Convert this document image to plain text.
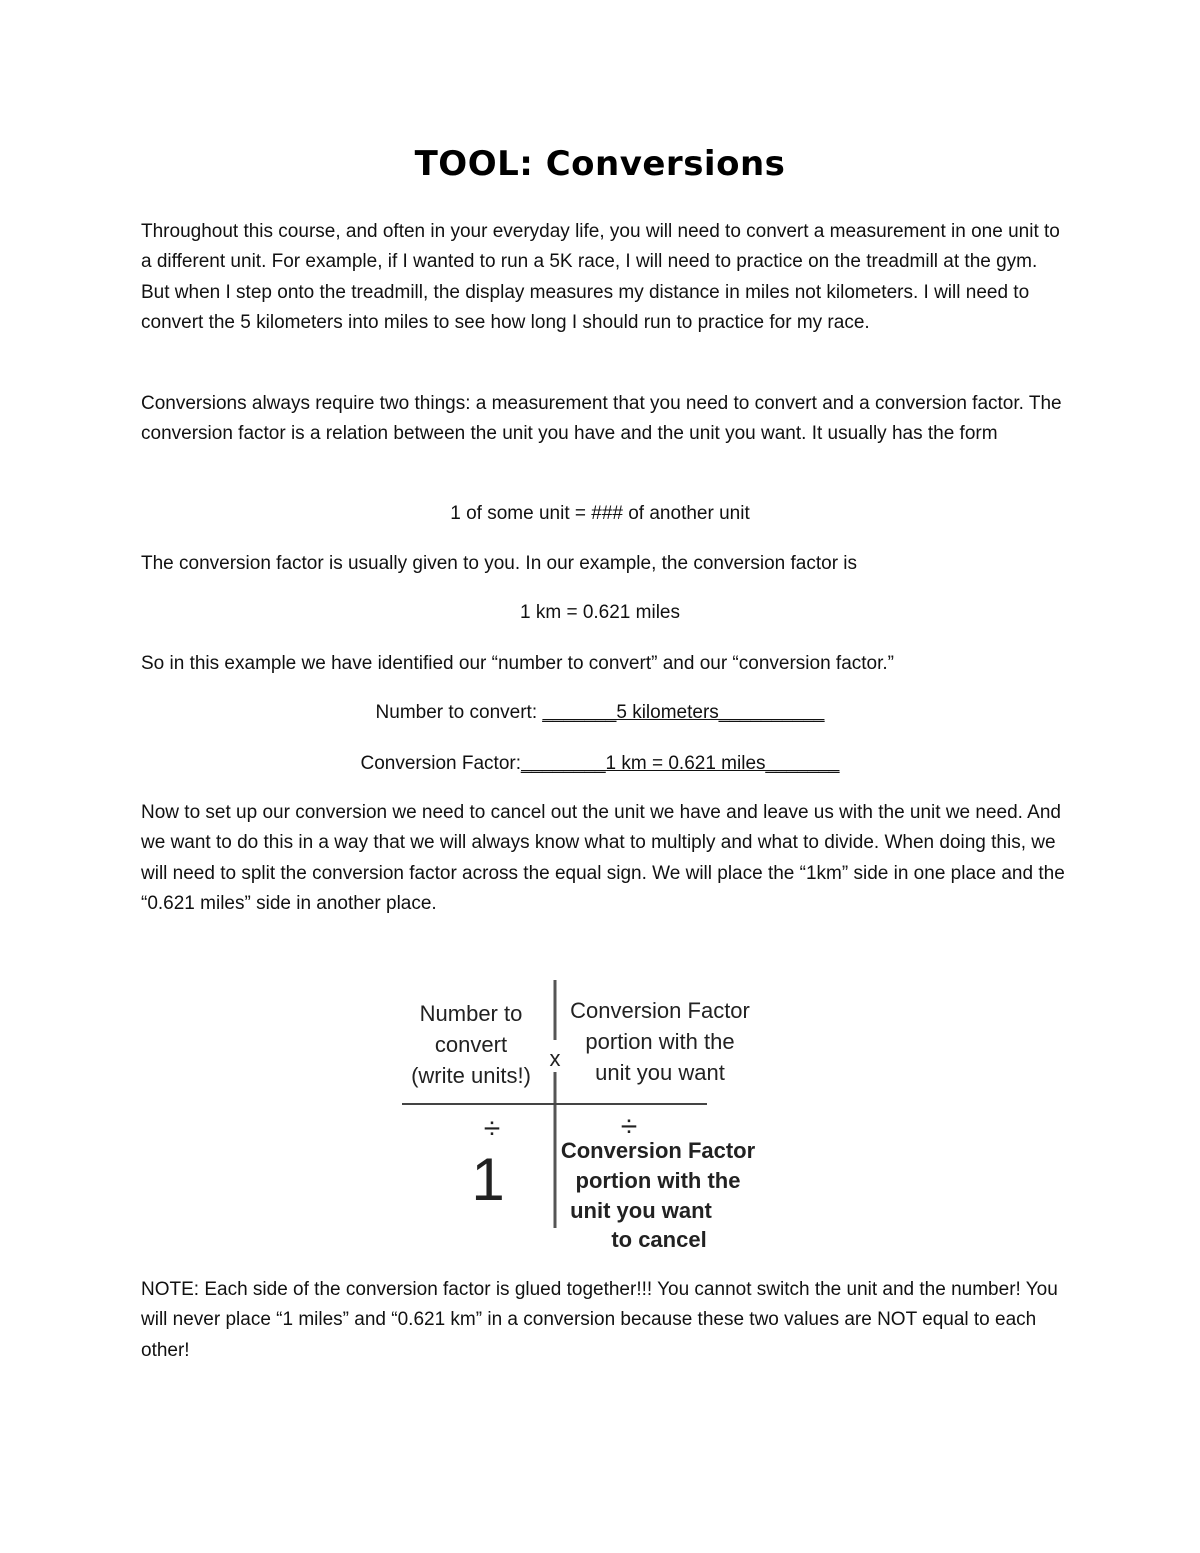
TOOL: Conversions

Throughout this course, and often in your everyday life, you will need to convert a measurement in one unit to a different unit. For example, if I wanted to run a 5K race, I will need to practice on the treadmill at the gym. But when I step onto the treadmill, the display measures my distance in miles not kilometers. I will need to convert the 5 kilometers into miles to see how long I should run to practice for my race.

Conversions always require two things: a measurement that you need to convert and a conversion factor. The conversion factor is a relation between the unit you have and the unit you want. It usually has the form

1 of some unit = ### of another unit

The conversion factor is usually given to you. In our example, the conversion factor is

1 km = 0.621 miles

So in this example we have identified our “number to convert” and our “conversion factor.”

Number to convert: _______5 kilometers__________
Conversion Factor:________1 km = 0.621 miles_______

Now to set up our conversion we need to cancel out the unit we have and leave us with the unit we need. And we want to do this in a way that we will always know what to multiply and what to divide. When doing this, we will need to split the conversion factor across the equal sign. We will place the “1km” side in one place and the “0.621 miles” side in another place.

Number to
convert
(write units!)
x
Conversion Factor
portion with the
unit you want
÷
1
÷
Conversion Factor
portion with the
unit you want
to cancel

NOTE: Each side of the conversion factor is glued together!!! You cannot switch the unit and the number! You will never place “1 miles” and “0.621 km” in a conversion because these two values are NOT equal to each other!
